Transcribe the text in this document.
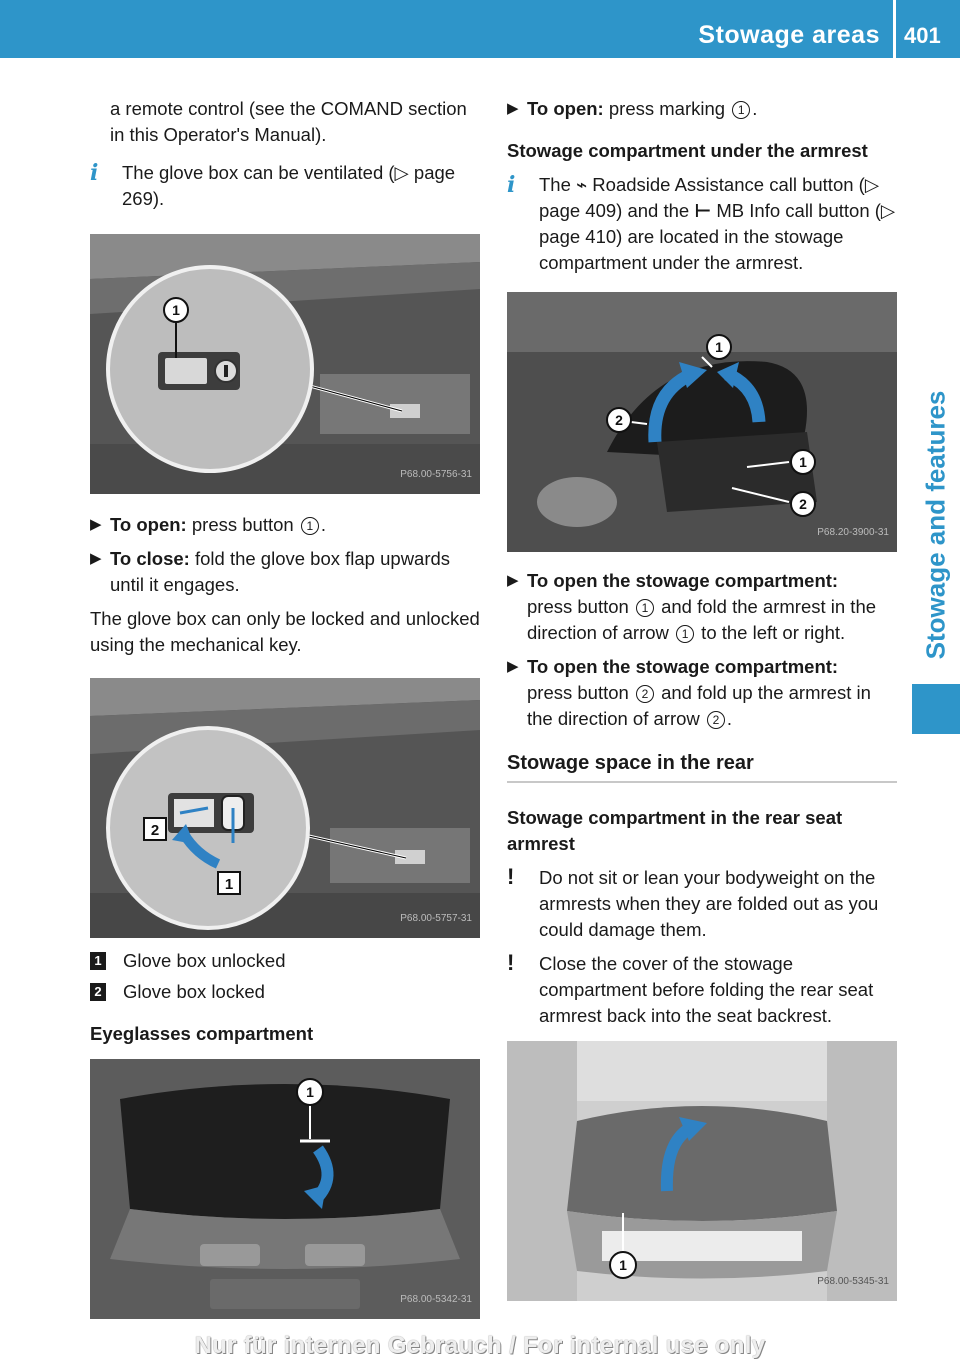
Stowage areas 401
Stowage and features

a remote control (see the COMAND section in this Operator's Manual).

i The glove box can be ventilated (▷ page 269).
1
P68.00-5756-31
▶ To open: press button 1 .
▶ To close: fold the glove box flap upwards until it engages.

The glove box can only be locked and unlocked using the mechanical key.

2
1
P68.00-5757-31
1 Glove box unlocked
2 Glove box locked

Eyeglasses compartment

1
P68.00-5342-31
▶ To open: press marking 1 .

Stowage compartment under the armrest

i The ⌁ Roadside Assistance call button (▷ page 409) and the ⊢ MB Info call button (▷ page 410) are located in the stowage compartment under the armrest.
1
2
1
2
P68.20-3900-31
▶ To open the stowage compartment:
press button 1 and fold the armrest in the direction of arrow 1 to the left or right.
▶ To open the stowage compartment:
press button 2 and fold up the armrest in the direction of arrow 2 .

Stowage space in the rear

Stowage compartment in the rear seat armrest

! Do not sit or lean your bodyweight on the armrests when they are folded out as you could damage them.
! Close the cover of the stowage compartment before folding the rear seat armrest back into the seat backrest.
1
P68.00-5345-31
Nur für internen Gebrauch / For internal use only
